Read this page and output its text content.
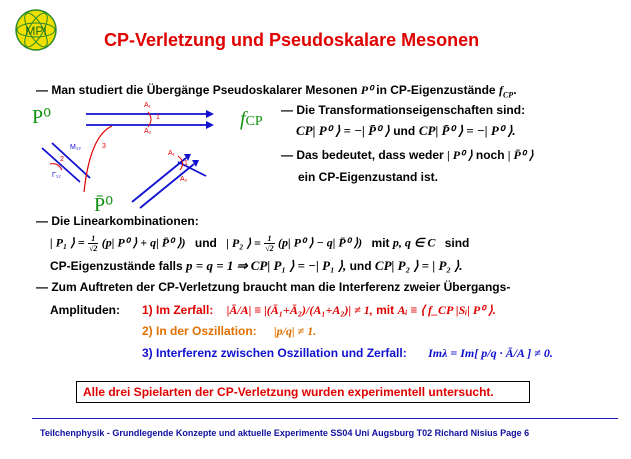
MPI	CP-Verletzung und Pseudoskalare Mesonen
— Man studiert die Übergänge Pseudoskalarer Mesonen P⁰ in CP-Eigenzustände $f_{CP}$.
P⁰
P̄⁰
fCP
A₁
A₂
1
3
2
M₁₂
Γ₁₂
A₁
A₂
1
— Die Transformationseigenschaften sind:
CP| P⁰ ⟩ = −| P̄⁰ ⟩ und CP| P̄⁰ ⟩ = −| P⁰ ⟩.
— Das bedeutet, dass weder | P⁰ ⟩ noch | P̄⁰ ⟩
ein CP-Eigenzustand ist.
— Die Linearkombinationen:
| P₁ ⟩ = $\frac{1}{√2} (p|$ P⁰ ⟩ + q| P̄⁰ ⟩) und | P₂ ⟩ = $\frac{1}{√2} (p|$ P⁰ ⟩ − q| P̄⁰ ⟩) mit p, q ∈ C sind
CP-Eigenzustände falls p = q = 1 ⇒ CP| P₁ ⟩ = −| P₁ ⟩, und CP| P₂ ⟩ = | P₂ ⟩.
— Zum Auftreten der CP-Verletzung braucht man die Interferenz zweier Übergangs-
Amplituden: 1) Im Zerfall: |Ā/A| ≡ |(Ā₁+Ā₂)/(A₁+A₂)| ≠ 1, mit Aᵢ ≡ ⟨ f_CP |Sᵢ| P⁰ ⟩.
2) In der Oszillation: |p/q| ≠ 1.
3) Interferenz zwischen Oszillation und Zerfall: Imλ = Im[ p/q · Ā/A ] ≠ 0.
Alle drei Spielarten der CP-Verletzung wurden experimentell untersucht.
Teilchenphysik - Grundlegende Konzepte und aktuelle Experimente SS04 Uni Augsburg T02 Richard Nisius Page 6
